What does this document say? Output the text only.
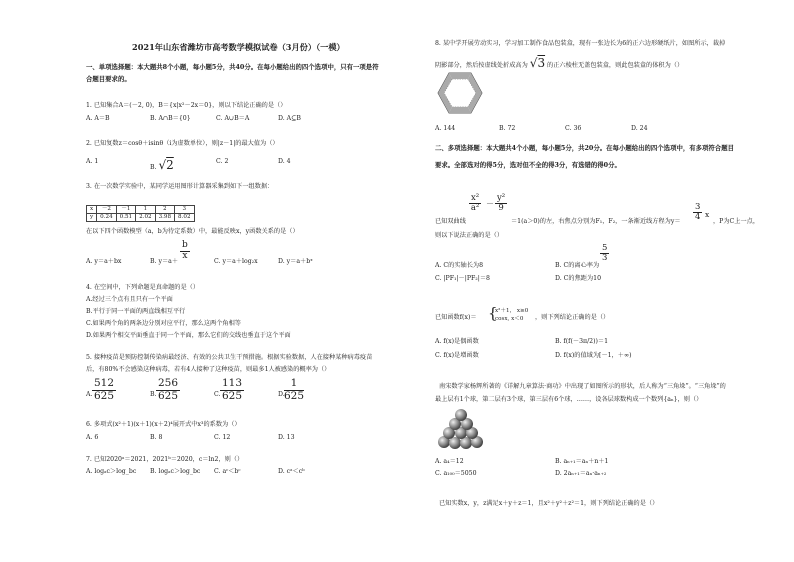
2021年山东省潍坊市高考数学模拟试卷（3月份）（一模）
一、单项选择题：本大题共8个小题，每小题5分，共40分。在每小题给出的四个选项中，只有一项是符
合题目要求的。
1. 已知集合A＝(－2, 0)，B＝{x|x²－2x＝0}，则以下结论正确的是（）
A. A＝B	B. A∩B＝{0}	C. A∪B＝A	D. A⊆B
2. 已知复数z＝cosθ＋isinθ（i为虚数单位），则|z－1|的最大值为（）
A. 1
B. √2	C. 2	D. 4
3. 在一次数学实验中，某同学运用图形计算器采集到如下一组数据：
x	－2	－1	1	2	3
y	0.24	0.51	2.02	3.98	8.02
在以下四个函数模型（a，b为待定系数）中，最能反映x，y函数关系的是（）
$\frac{b}{x}$
A. y＝a＋bx	B. y＝a＋	C. y＝a＋log₂x	D. y＝a＋bˣ
4. 在空间中，下列命题是真命题的是（）
A.经过三个点有且只有一个平面
B.平行于同一平面的两直线相互平行
C.如果两个角的两条边分别对应平行，那么这两个角相等
D.如果两个相交平面垂直于同一个平面，那么它们的交线也垂直于这个平面
5. 接种疫苗是预防控制传染病最经济、有效的公共卫生干预措施。根据实验数据，人在接种某种病毒疫苗
后，有80%不会感染这种病毒，若有4人接种了这种疫苗，则最多1人被感染的概率为（）
A. $\frac{512}{625}$	B. $\frac{256}{625}$	C. $\frac{113}{625}$	D. $\frac{1}{625}$
6. 多项式(x²＋1)(x＋1)(x＋2)⁴展开式中x³的系数为（）
A. 6	B. 8	C. 12	D. 13
7. 已知2020ᵃ＝2021，2021ᵇ＝2020，c＝ln2，则（）
A. logₐc＞log_bc B. logₐc＞log_bc C. aᶜ＜bᶜ	D. cᵃ＜cᵇ
8. 某中学开展劳动实习，学习加工制作食品包装盒，现有一张边长为6的正六边形硬纸片，如图所示，裁掉
阴影部分，然后按虚线处折成高为 √3 的正六棱柱无盖包装盒，则此包装盒的体积为（）
A. 144	B. 72	C. 36	D. 24
二、多项选择题：本大题共4个小题，每小题5分，共20分。在每小题给出的四个选项中，有多项符合题目
要求。全部选对的得5分，选对但不全的得3分，有选错的得0分。
已知双曲线
$\frac{\text{x²}}{\text{a²}} - \frac{\text{y²}}{9}$
＝1(a＞0)的左，右焦点分别为F₁，F₂，一条渐近线方程为$y= \frac{3}{4}$ x
，P为C上一点，
则以下说法正确的是（）
A. C的实轴长为8	B. C的离心率为
$\frac{5}{3}$
C. |PF₁|－|PF₂|＝8	D. C的焦距为10
已知函数f(x)＝ {
x²＋1， x≥0
cosx, x＜0 ，则下列结论正确的是（）
A. f(x)是偶函数	B. f(f(－3π/2))＝1
C. f(x)是增函数	D. f(x)的值域为[－1，＋∞)
南宋数学家杨辉所著的《详解九章算法·商功》中出现了如图所示的形状，后人称为“三角垛”。“三角垛”的
最上层有1个球，第二层有3个球，第三层有6个球，……，设各层球数构成一个数列{aₙ}，则（）
A. a₄＝12	B. aₙ₊₁＝aₙ＋n＋1
C. a₁₀₀＝5050	D. 2aₙ₊₁＝aₙ·aₙ₊₂
已知实数x，y，z满足x＋y＋z＝1，且x²＋y²＋z²＝1，则下列结论正确的是（）
